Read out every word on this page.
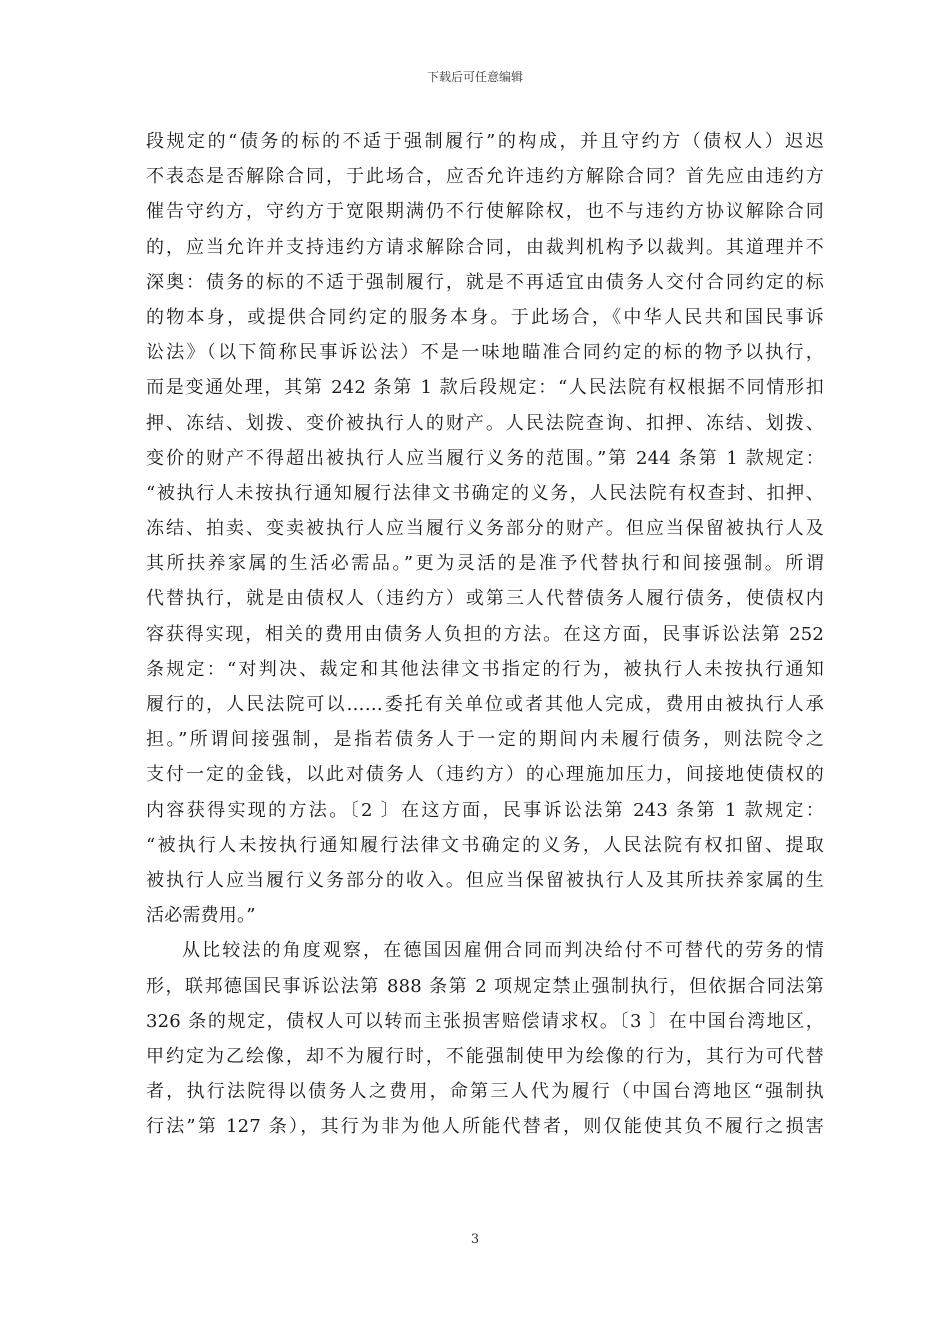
下载后可任意编辑
段规定的“债务的标的不适于强制履行”的构成，并且守约方（债权人）迟迟
不表态是否解除合同，于此场合，应否允许违约方解除合同？首先应由违约方
催告守约方，守约方于宽限期满仍不行使解除权，也不与违约方协议解除合同
的，应当允许并支持违约方请求解除合同，由裁判机构予以裁判。其道理并不
深奥：债务的标的不适于强制履行，就是不再适宜由债务人交付合同约定的标
的物本身，或提供合同约定的服务本身。于此场合，《中华人民共和国民事诉
讼法》（以下简称民事诉讼法）不是一味地瞄准合同约定的标的物予以执行，
而是变通处理，其第 242 条第 1 款后段规定：“人民法院有权根据不同情形扣
押、冻结、划拨、变价被执行人的财产。人民法院查询、扣押、冻结、划拨、
变价的财产不得超出被执行人应当履行义务的范围。”第 244 条第 1 款规定：
“被执行人未按执行通知履行法律文书确定的义务，人民法院有权查封、扣押、
冻结、拍卖、变卖被执行人应当履行义务部分的财产。但应当保留被执行人及
其所扶养家属的生活必需品。”更为灵活的是准予代替执行和间接强制。所谓
代替执行，就是由债权人（违约方）或第三人代替债务人履行债务，使债权内
容获得实现，相关的费用由债务人负担的方法。在这方面，民事诉讼法第 252
条规定：“对判决、裁定和其他法律文书指定的行为，被执行人未按执行通知
履行的，人民法院可以……委托有关单位或者其他人完成，费用由被执行人承
担。”所谓间接强制，是指若债务人于一定的期间内未履行债务，则法院令之
支付一定的金钱，以此对债务人（违约方）的心理施加压力，间接地使债权的
内容获得实现的方法。〔2 〕在这方面，民事诉讼法第 243 条第 1 款规定：
“被执行人未按执行通知履行法律文书确定的义务，人民法院有权扣留、提取
被执行人应当履行义务部分的收入。但应当保留被执行人及其所扶养家属的生
活必需费用。”
从比较法的角度观察，在德国因雇佣合同而判决给付不可替代的劳务的情
形，联邦德国民事诉讼法第 888 条第 2 项规定禁止强制执行，但依据合同法第
326 条的规定，债权人可以转而主张损害赔偿请求权。〔3 〕在中国台湾地区，
甲约定为乙绘像，却不为履行时，不能强制使甲为绘像的行为，其行为可代替
者，执行法院得以债务人之费用，命第三人代为履行（中国台湾地区“强制执
行法”第 127 条），其行为非为他人所能代替者，则仅能使其负不履行之损害
3
